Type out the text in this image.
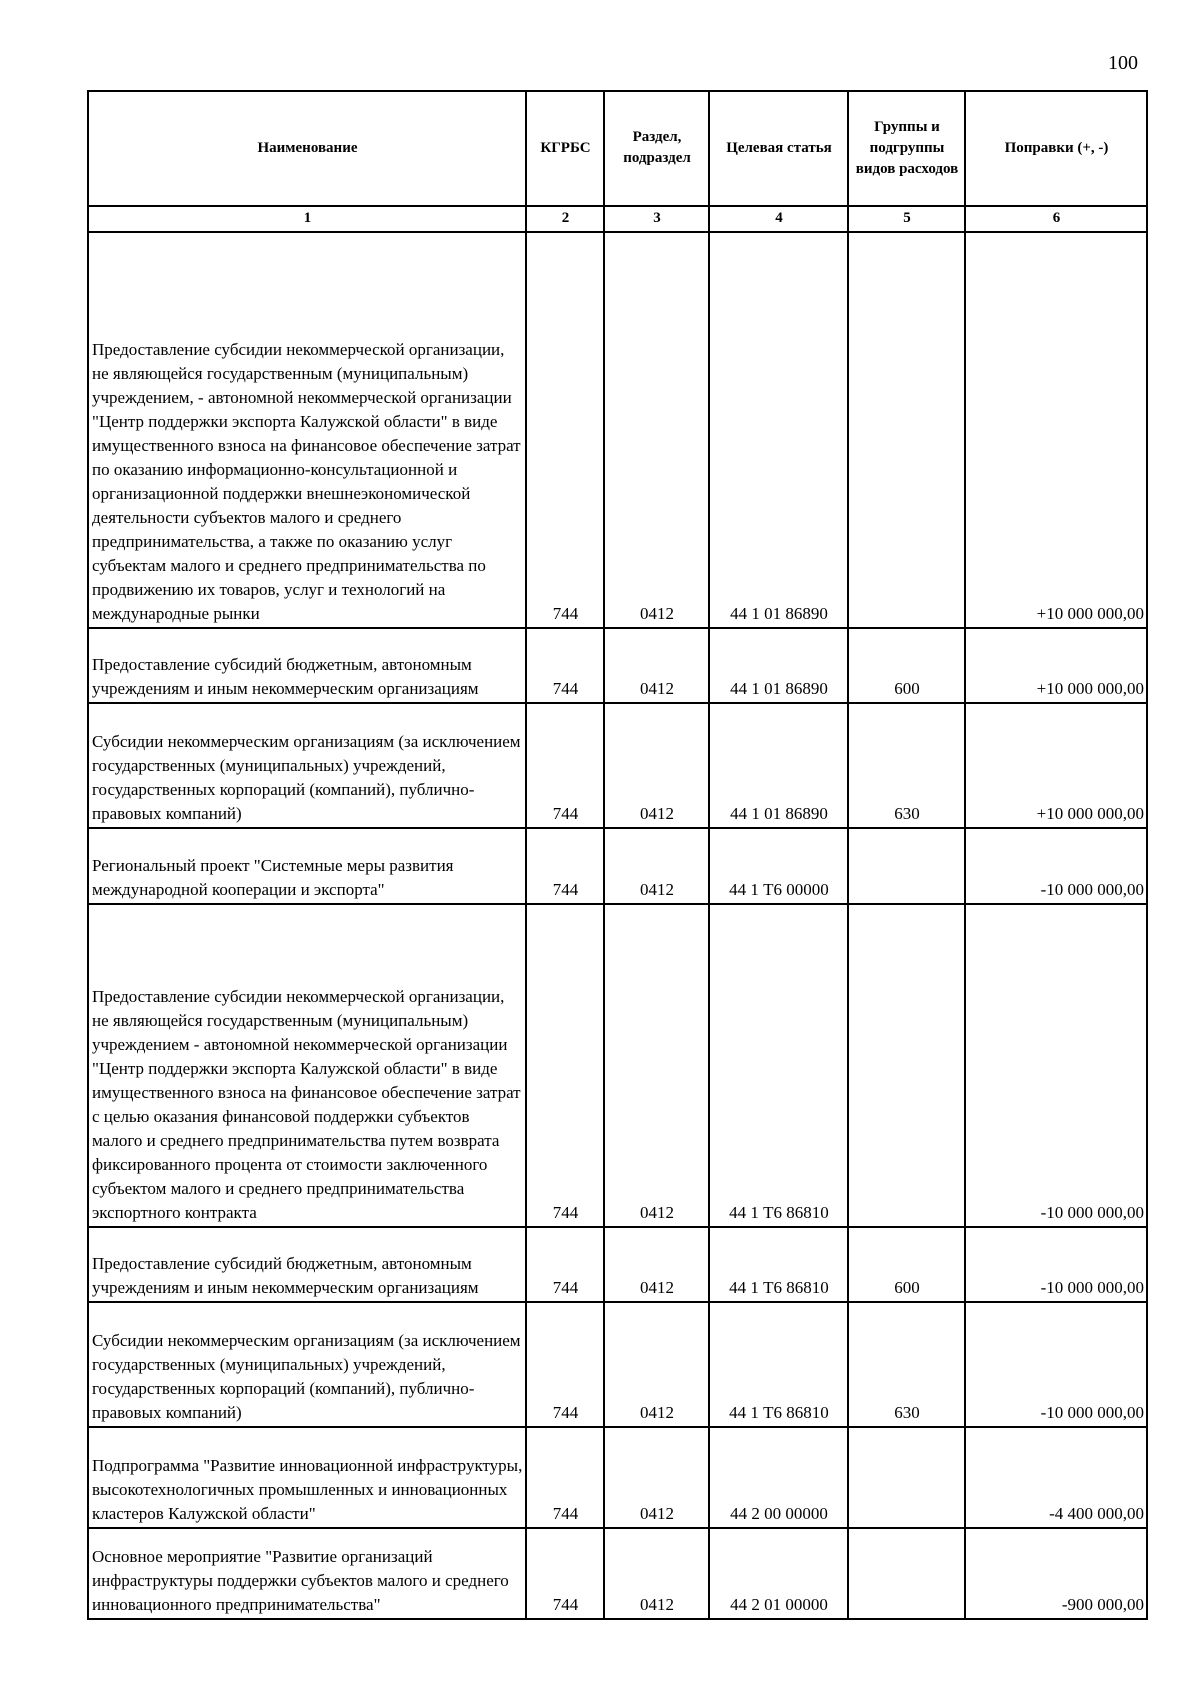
100
Наименование	КГРБС	Раздел, подраздел	Целевая статья	Группы и подгруппы видов расходов	Поправки (+, -)
1	2	3	4	5	6
Предоставление субсидии некоммерческой организации, не являющейся государственным (муниципальным) учреждением, - автономной некоммерческой организации "Центр поддержки экспорта Калужской области" в виде имущественного взноса на финансовое обеспечение затрат по оказанию информационно-консультационной и организационной поддержки внешнеэкономической деятельности субъектов малого и среднего предпринимательства, а также по оказанию услуг субъектам малого и среднего предпринимательства по продвижению их товаров, услуг и технологий на международные рынки	744	0412	44 1 01 86890		+10 000 000,00
Предоставление субсидий бюджетным, автономным учреждениям и иным некоммерческим организациям	744	0412	44 1 01 86890	600	+10 000 000,00
Субсидии некоммерческим организациям (за исключением государственных (муниципальных) учреждений, государственных корпораций (компаний), публично-правовых компаний)	744	0412	44 1 01 86890	630	+10 000 000,00
Региональный проект "Системные меры развития международной кооперации и экспорта"	744	0412	44 1 Т6 00000		-10 000 000,00
Предоставление субсидии некоммерческой организации, не являющейся государственным (муниципальным) учреждением - автономной некоммерческой организации "Центр поддержки экспорта Калужской области" в виде имущественного взноса на финансовое обеспечение затрат с целью оказания финансовой поддержки субъектов малого и среднего предпринимательства путем возврата фиксированного процента от стоимости заключенного субъектом малого и среднего предпринимательства экспортного контракта	744	0412	44 1 Т6 86810		-10 000 000,00
Предоставление субсидий бюджетным, автономным учреждениям и иным некоммерческим организациям	744	0412	44 1 Т6 86810	600	-10 000 000,00
Субсидии некоммерческим организациям (за исключением государственных (муниципальных) учреждений, государственных корпораций (компаний), публично-правовых компаний)	744	0412	44 1 Т6 86810	630	-10 000 000,00
Подпрограмма "Развитие инновационной инфраструктуры, высокотехнологичных промышленных и инновационных кластеров Калужской области"	744	0412	44 2 00 00000		-4 400 000,00
Основное мероприятие "Развитие организаций инфраструктуры поддержки субъектов малого и среднего инновационного предпринимательства"	744	0412	44 2 01 00000		-900 000,00
